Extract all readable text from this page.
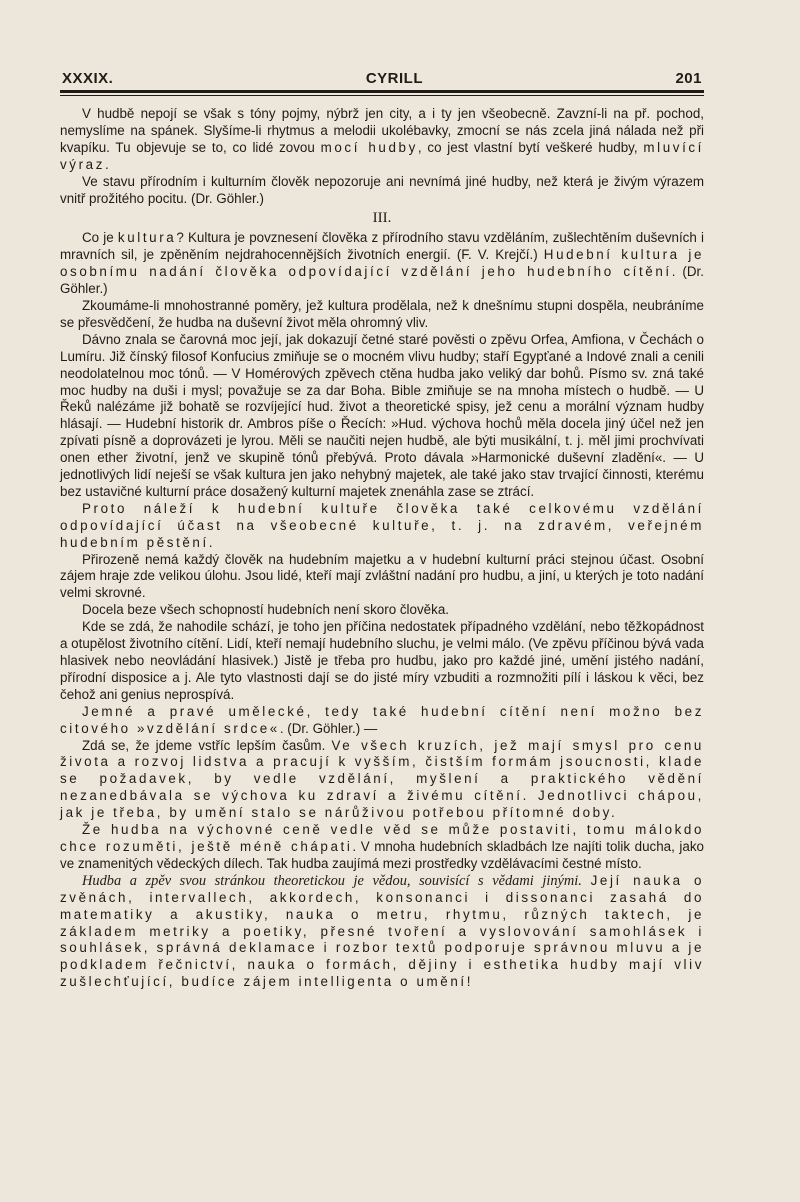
XXXIX.	CYRILL	201

V hudbě nepojí se však s tóny pojmy, nýbrž jen city, a i ty jen všeobecně. Zavzní-li na př. pochod, nemyslíme na spánek. Slyšíme-li rhytmus a melodii ukolébavky, zmocní se nás zcela jiná nálada než při kvapíku. Tu objevuje se to, co lidé zovou mocí hudby, co jest vlastní bytí veškeré hudby, mluvící výraz.

Ve stavu přírodním i kulturním člověk nepozoruje ani nevnímá jiné hudby, než která je živým výrazem vnitř prožitého pocitu. (Dr. Göhler.)

III.

Co je kultura? Kultura je povznesení člověka z přírodního stavu vzděláním, zušlechtěním duševních i mravních sil, je zpěněním nejdrahocennějších životních energií. (F. V. Krejčí.) Hudební kultura je osobnímu nadání člověka odpovídající vzdělání jeho hudebního cítění. (Dr. Göhler.)

Zkoumáme-li mnohostranné poměry, jež kultura prodělala, než k dnešnímu stupni dospěla, neubráníme se přesvědčení, že hudba na duševní život měla ohromný vliv.

Dávno znala se čarovná moc její, jak dokazují četné staré pověsti o zpěvu Orfea, Amfiona, v Čechách o Lumíru. Již čínský filosof Konfucius zmiňuje se o mocném vlivu hudby; staří Egypťané a Indové znali a cenili neodolatelnou moc tónů. — V Homérových zpěvech ctěna hudba jako veliký dar bohů. Písmo sv. zná také moc hudby na duši i mysl; považuje se za dar Boha. Bible zmiňuje se na mnoha místech o hudbě. — U Řeků nalézáme již bohatě se rozvíjející hud. život a theoretické spisy, jež cenu a morální význam hudby hlásají. — Hudební historik dr. Ambros píše o Řecích: »Hud. výchova hochů měla docela jiný účel než jen zpívati písně a doprovázeti je lyrou. Měli se naučiti nejen hudbě, ale býti musikální, t. j. měl jimi prochvívati onen ether životní, jenž ve skupině tónů přebývá. Proto dávala »Harmonické duševní zladění«. — U jednotlivých lidí neješí se však kultura jen jako nehybný majetek, ale také jako stav trvající činnosti, kterému bez ustavičné kulturní práce dosažený kulturní majetek znenáhla zase se ztrácí.

Proto náleží k hudební kultuře člověka také celkovému vzdělání odpovídající účast na všeobecné kultuře, t. j. na zdravém, veřejném hudebním pěstění.

Přirozeně nemá každý člověk na hudebním majetku a v hudební kulturní práci stejnou účast. Osobní zájem hraje zde velikou úlohu. Jsou lidé, kteří mají zvláštní nadání pro hudbu, a jiní, u kterých je toto nadání velmi skrovné.

Docela beze všech schopností hudebních není skoro člověka.

Kde se zdá, že nahodile schází, je toho jen příčina nedostatek případného vzdělání, nebo těžkopádnost a otupělost životního cítění. Lidí, kteří nemají hudebního sluchu, je velmi málo. (Ve zpěvu příčinou bývá vada hlasivek nebo neovládání hlasivek.) Jistě je třeba pro hudbu, jako pro každé jiné, umění jistého nadání, přírodní disposice a j. Ale tyto vlastnosti dají se do jisté míry vzbuditi a rozmnožiti pílí i láskou k věci, bez čehož ani genius neprospívá.

Jemné a pravé umělecké, tedy také hudební cítění není možno bez citového »vzdělání srdce«. (Dr. Göhler.) —

Zdá se, že jdeme vstříc lepším časům. Ve všech kruzích, jež mají smysl pro cenu života a rozvoj lidstva a pracují k vyšším, čistším formám jsoucnosti, klade se požadavek, by vedle vzdělání, myšlení a praktického vědění nezanedbávala se výchova ku zdraví a živému cítění. Jednotlivci chápou, jak je třeba, by umění stalo se nárůživou potřebou přítomné doby.

Že hudba na výchovné ceně vedle věd se může postaviti, tomu málokdo chce rozuměti, ještě méně chápati. V mnoha hudebních skladbách lze najíti tolik ducha, jako ve znamenitých vědeckých dílech. Tak hudba zaujímá mezi prostředky vzdělávacími čestné místo.

Hudba a zpěv svou stránkou theoretickou je vědou, souvisící s vědami jinými. Její nauka o zvěnách, intervallech, akkordech, konsonanci i dissonanci zasahá do matematiky a akustiky, nauka o metru, rhytmu, různých taktech, je základem metriky a poetiky, přesné tvoření a vyslovování samohlásek i souhlásek, správná deklamace i rozbor textů podporuje správnou mluvu a je podkladem řečnictví, nauka o formách, dějiny i esthetika hudby mají vliv zušlechťující, budíce zájem intelligenta o umění!
